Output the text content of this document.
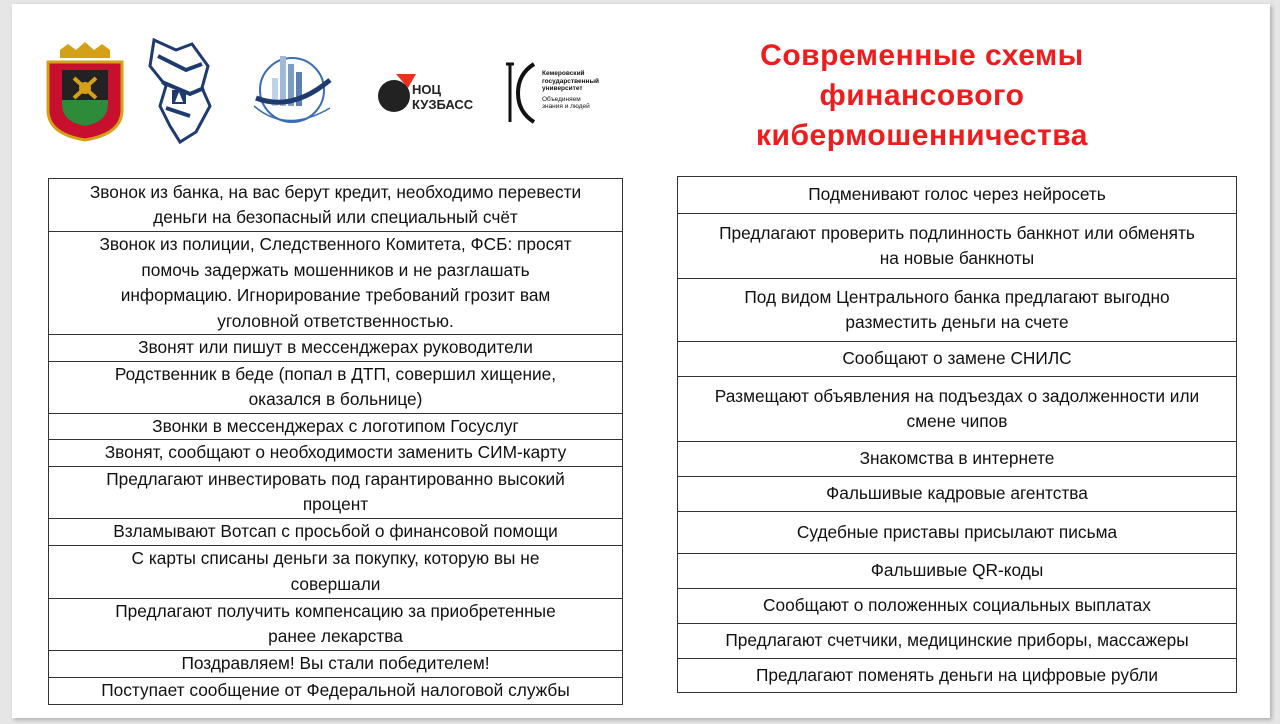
НОЦ
КУЗБАСС
Кемеровский
государственный
университет
Объединяем
знания и людей
Современные схемы
финансового
кибермошенничества
Звонок из банка, на вас берут кредит, необходимо перевести
деньги на безопасный или специальный счёт

Звонок из полиции, Следственного Комитета, ФСБ: просят
помочь задержать мошенников и не разглашать
информацию. Игнорирование требований грозит вам
уголовной ответственностью.

Звонят или пишут в мессенджерах руководители

Родственник в беде (попал в ДТП, совершил хищение,
оказался в больнице)

Звонки в мессенджерах с логотипом Госуслуг

Звонят, сообщают о необходимости заменить СИМ-карту

Предлагают инвестировать под гарантированно высокий
процент

Взламывают Вотсап с просьбой о финансовой помощи

С карты списаны деньги за покупку, которую вы не
совершали

Предлагают получить компенсацию за приобретенные
ранее лекарства

Поздравляем! Вы стали победителем!

Поступает сообщение от Федеральной налоговой службы
Подменивают голос через нейросеть

Предлагают проверить подлинность банкнот или обменять
на новые банкноты

Под видом Центрального банка предлагают выгодно
разместить деньги на счете

Сообщают о замене СНИЛС

Размещают объявления на подъездах о задолженности или
смене чипов

Знакомства в интернете

Фальшивые кадровые агентства

Судебные приставы присылают письма

Фальшивые QR-коды

Сообщают о положенных социальных выплатах

Предлагают счетчики, медицинские приборы, массажеры

Предлагают поменять деньги на цифровые рубли
